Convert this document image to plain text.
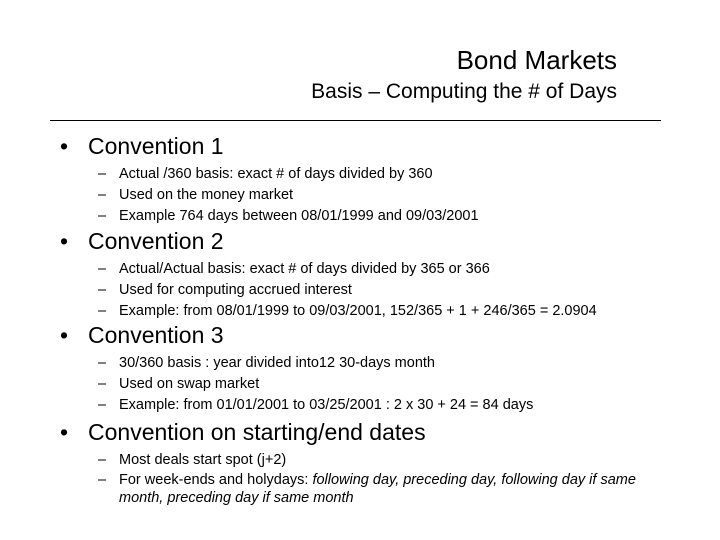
Bond Markets
Basis – Computing the # of Days
• Convention 1
– Actual /360 basis: exact # of days divided by 360
– Used on the money market
– Example 764 days between 08/01/1999 and 09/03/2001
• Convention 2
– Actual/Actual basis: exact # of days divided by 365 or 366
– Used for computing accrued interest
– Example: from 08/01/1999 to 09/03/2001, 152/365 + 1 + 246/365 = 2.0904
• Convention 3
– 30/360 basis : year divided into12 30-days month
– Used on swap market
– Example: from 01/01/2001 to 03/25/2001 : 2 x 30 + 24 = 84 days
• Convention on starting/end dates
– Most deals start spot (j+2)
– For week-ends and holydays: following day, preceding day, following day if same month, preceding day if same month
